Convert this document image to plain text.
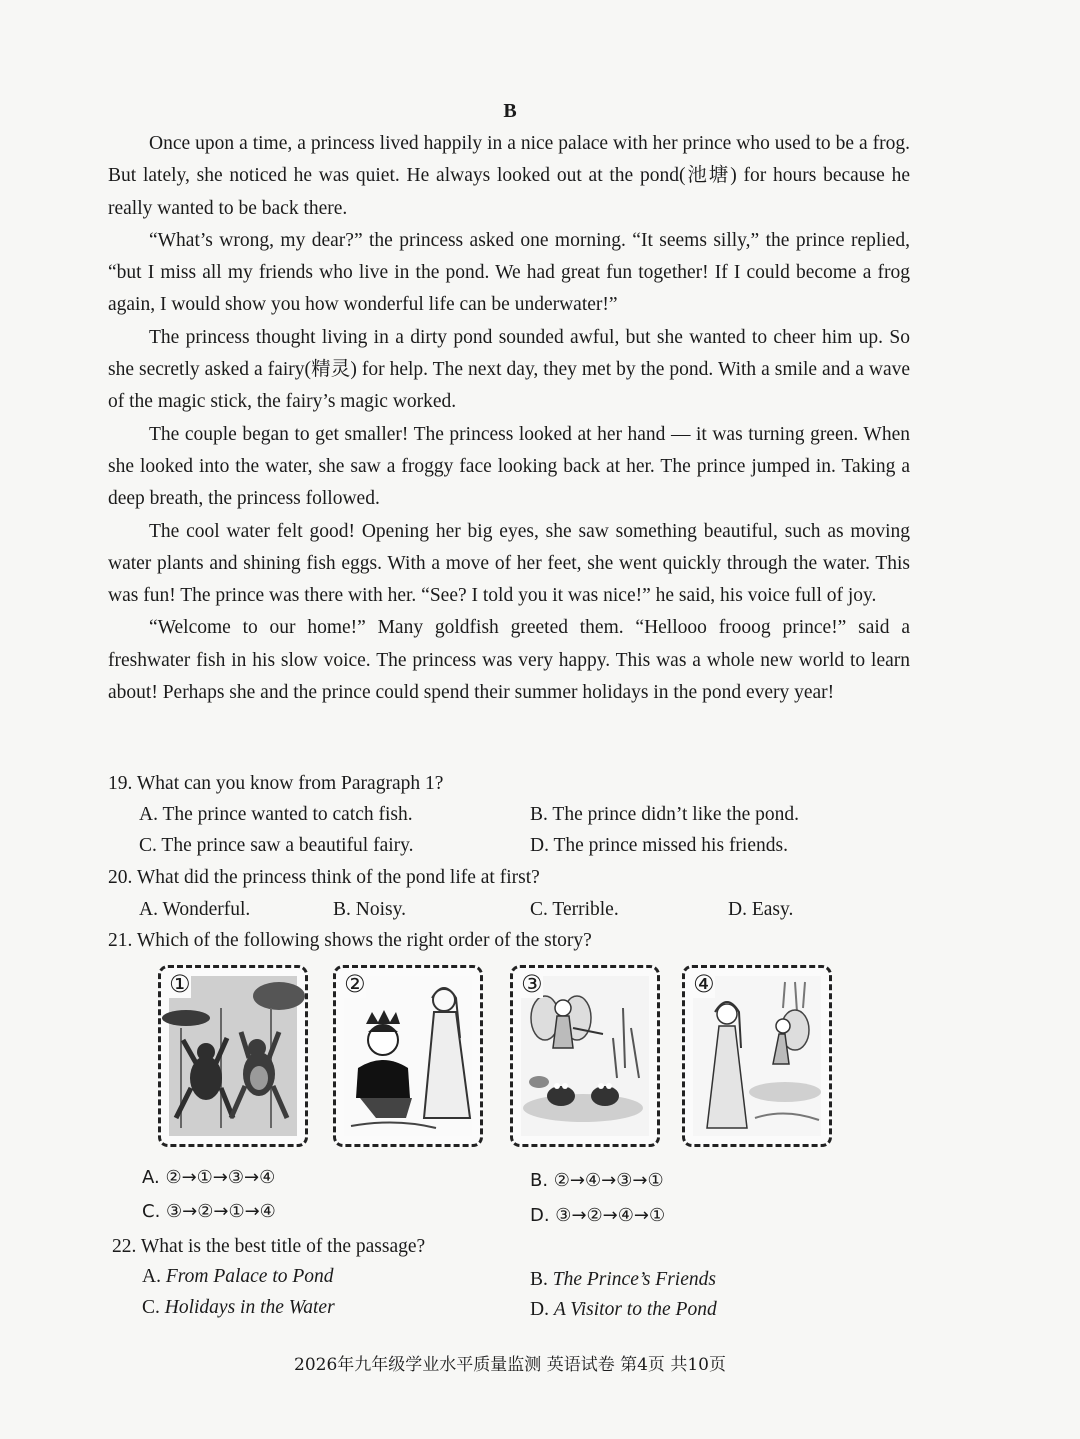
B

Once upon a time, a princess lived happily in a nice palace with her prince who used to be a frog. But lately, she noticed he was quiet. He always looked out at the pond(池塘) for hours because he really wanted to be back there.

“What’s wrong, my dear?” the princess asked one morning. “It seems silly,” the prince replied, “but I miss all my friends who live in the pond. We had great fun together! If I could become a frog again, I would show you how wonderful life can be underwater!”

The princess thought living in a dirty pond sounded awful, but she wanted to cheer him up. So she secretly asked a fairy(精灵) for help. The next day, they met by the pond. With a smile and a wave of the magic stick, the fairy’s magic worked.

The couple began to get smaller! The princess looked at her hand — it was turning green. When she looked into the water, she saw a froggy face looking back at her. The prince jumped in. Taking a deep breath, the princess followed.

The cool water felt good! Opening her big eyes, she saw something beautiful, such as moving water plants and shining fish eggs. With a move of her feet, she went quickly through the water. This was fun! The prince was there with her. “See? I told you it was nice!” he said, his voice full of joy.

“Welcome to our home!” Many goldfish greeted them. “Hellooo frooog prince!” said a freshwater fish in his slow voice. The princess was very happy. This was a whole new world to learn about! Perhaps she and the prince could spend their summer holidays in the pond every year!

19. What can you know from Paragraph 1?
A. The prince wanted to catch fish.	B. The prince didn’t like the pond.
C. The prince saw a beautiful fairy.	D. The prince missed his friends.
20. What did the princess think of the pond life at first?
A. Wonderful.	B. Noisy.	C. Terrible.	D. Easy.
21. Which of the following shows the right order of the story?
①	②	③	④
A. ②→①→③→④	B. ②→④→③→①
C. ③→②→①→④	D. ③→②→④→①
22. What is the best title of the passage?
A. From Palace to Pond	B. The Prince’s Friends
C. Holidays in the Water	D. A Visitor to the Pond
2026年九年级学业水平质量监测 英语试卷 第4页 共10页
